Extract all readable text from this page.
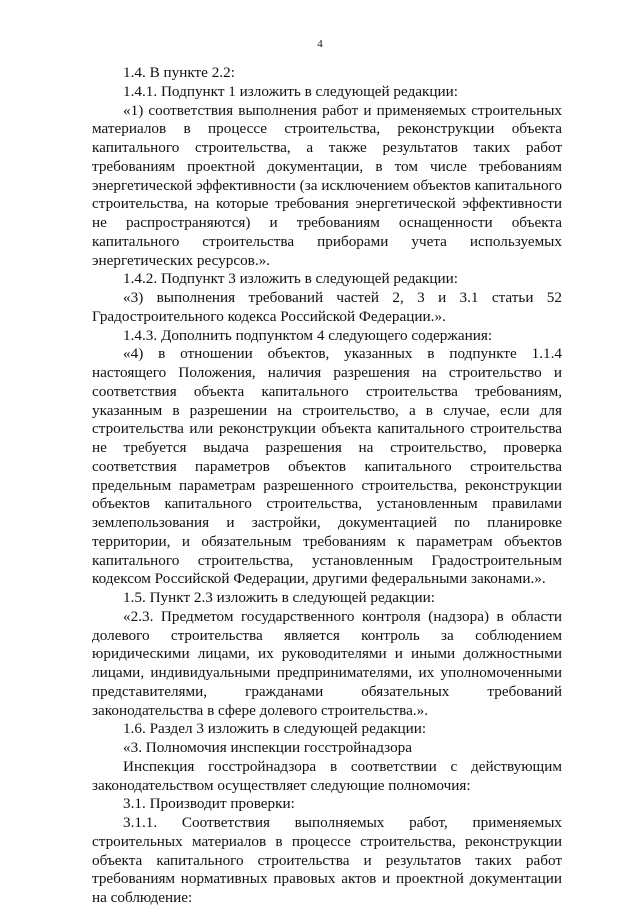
4

1.4. В пункте 2.2:

1.4.1. Подпункт 1 изложить в следующей редакции:

«1) соответствия выполнения работ и применяемых строительных материалов в процессе строительства, реконструкции объекта капитального строительства, а также результатов таких работ требованиям проектной документации, в том числе требованиям энергетической эффективности (за исключением объектов капитального строительства, на которые требования энергетической эффективности не распространяются) и требованиям оснащенности объекта капитального строительства приборами учета используемых энергетических ресурсов.».

1.4.2. Подпункт 3 изложить в следующей редакции:

«3) выполнения требований частей 2, 3 и 3.1 статьи 52 Градостроительного кодекса Российской Федерации.».

1.4.3. Дополнить подпунктом 4 следующего содержания:

«4) в отношении объектов, указанных в подпункте 1.1.4 настоящего Положения, наличия разрешения на строительство и соответствия объекта капитального строительства требованиям, указанным в разрешении на строительство, а в случае, если для строительства или реконструкции объекта капитального строительства не требуется выдача разрешения на строительство, проверка соответствия параметров объектов капитального строительства предельным параметрам разрешенного строительства, реконструкции объектов капитального строительства, установленным правилами землепользования и застройки, документацией по планировке территории, и обязательным требованиям к параметрам объектов капитального строительства, установленным Градостроительным кодексом Российской Федерации, другими федеральными законами.».

1.5. Пункт 2.3 изложить в следующей редакции:

«2.3. Предметом государственного контроля (надзора) в области долевого строительства является контроль за соблюдением юридическими лицами, их руководителями и иными должностными лицами, индивидуальными предпринимателями, их уполномоченными представителями, гражданами обязательных требований законодательства в сфере долевого строительства.».

1.6. Раздел 3 изложить в следующей редакции:

«3. Полномочия инспекции госстройнадзора

Инспекция госстройнадзора в соответствии с действующим законодательством осуществляет следующие полномочия:

3.1. Производит проверки:

3.1.1. Соответствия выполняемых работ, применяемых строительных материалов в процессе строительства, реконструкции объекта капитального строительства и результатов таких работ требованиям нормативных правовых актов и проектной документации на соблюдение:
